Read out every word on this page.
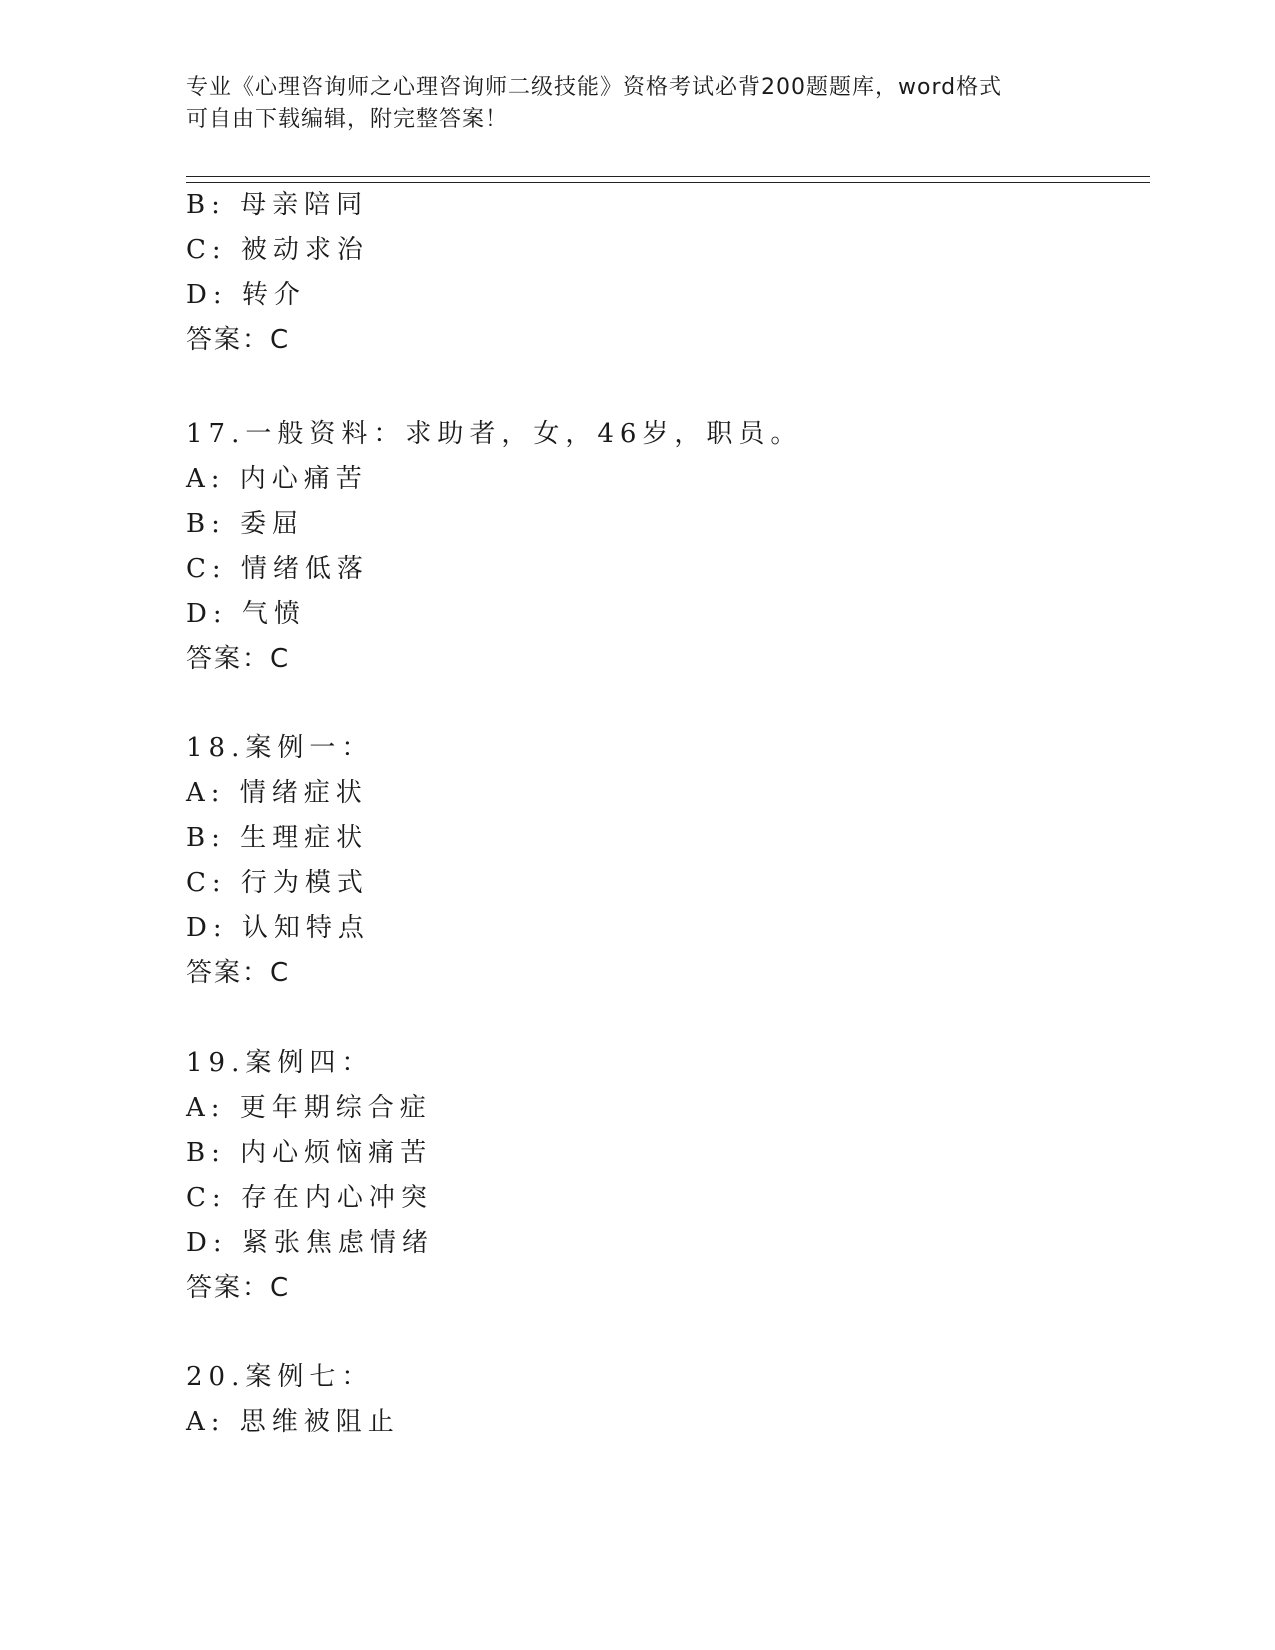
专业《心理咨询师之心理咨询师二级技能》资格考试必背200题题库，word格式
可自由下载编辑，附完整答案！
B: 母亲陪同
C: 被动求治
D: 转介
答案：C
17.一般资料：求助者，女，46岁，职员。
A: 内心痛苦
B: 委屈
C: 情绪低落
D: 气愤
答案：C
18.案例一：
A: 情绪症状
B: 生理症状
C: 行为模式
D: 认知特点
答案：C
19.案例四：
A: 更年期综合症
B: 内心烦恼痛苦
C: 存在内心冲突
D: 紧张焦虑情绪
答案：C
20.案例七：
A: 思维被阻止
